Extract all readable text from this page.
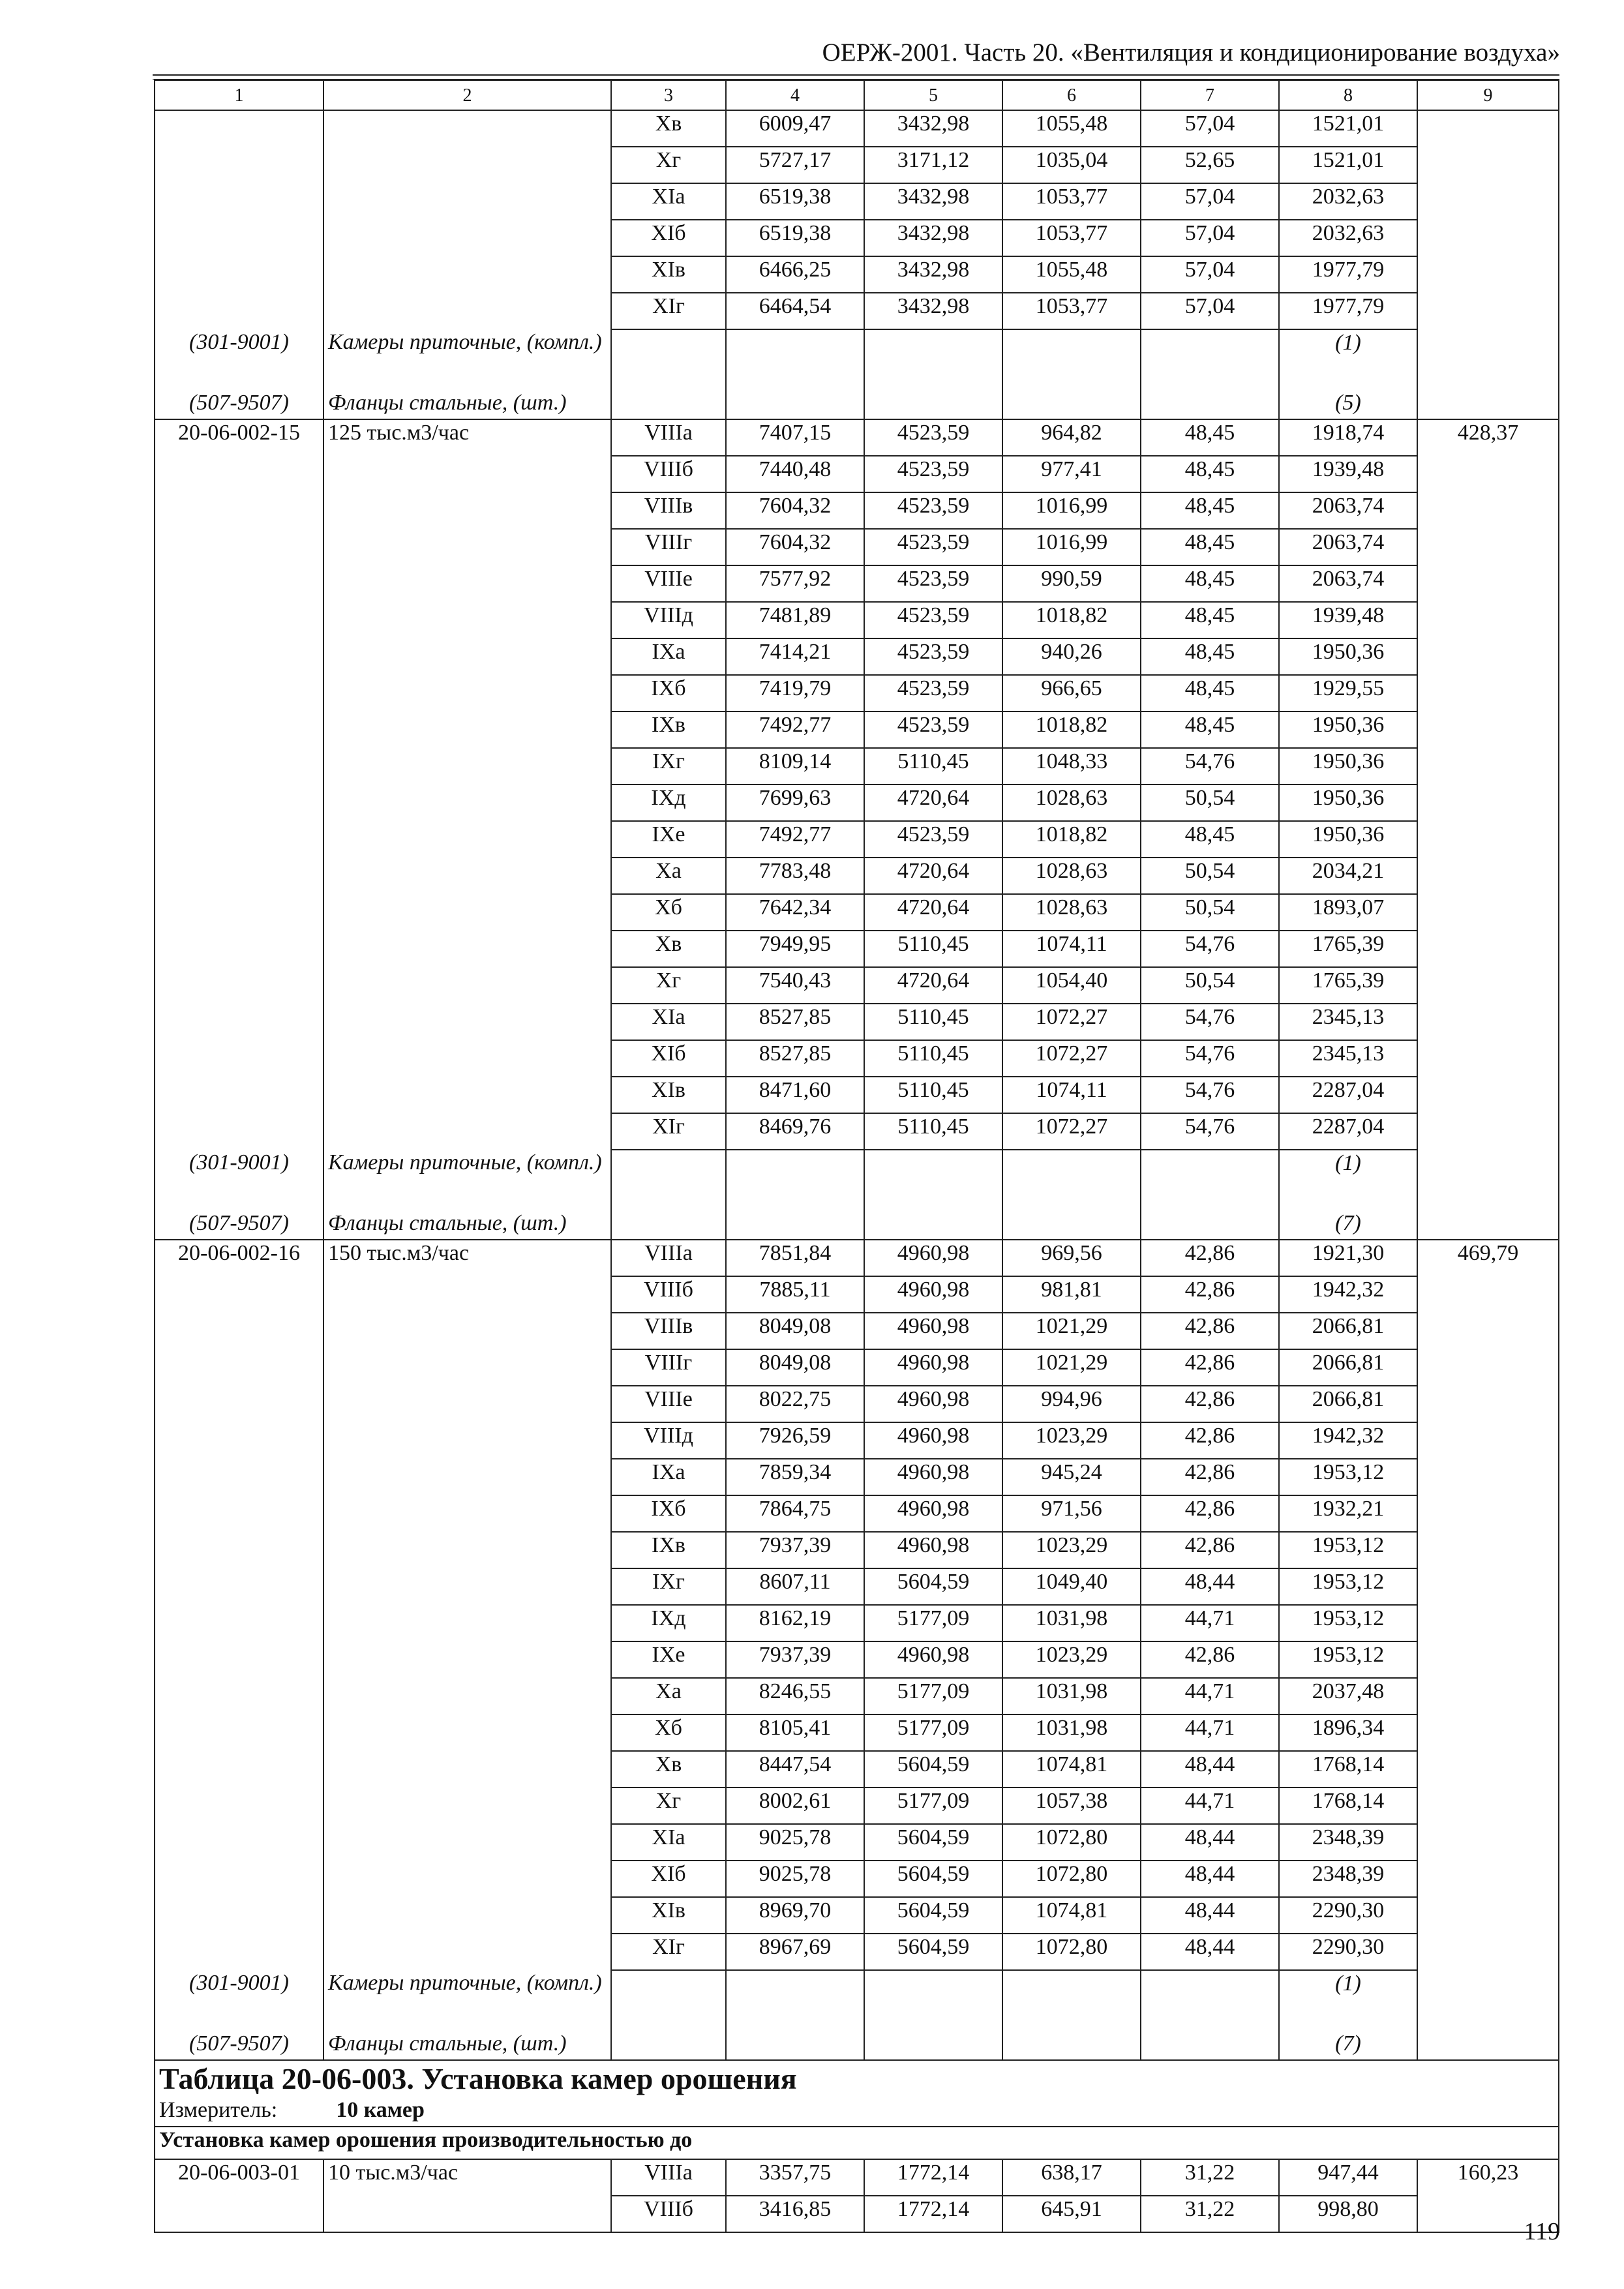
ОЕРЖ-2001. Часть 20. «Вентиляция и кондиционирование воздуха»
1	2	3	4	5	6	7	8	9
		Xв	6009,47	3432,98	1055,48	57,04	1521,01	
		Xг	5727,17	3171,12	1035,04	52,65	1521,01	
		XIa	6519,38	3432,98	1053,77	57,04	2032,63	
		XIб	6519,38	3432,98	1053,77	57,04	2032,63	
		XIв	6466,25	3432,98	1055,48	57,04	1977,79	
		XIг	6464,54	3432,98	1053,77	57,04	1977,79	
(301-9001)	Камеры приточные, (компл.)						(1)	
(507-9507)	Фланцы стальные, (шт.)						(5)	
20-06-002-15	125 тыс.м3/час	VIIIa	7407,15	4523,59	964,82	48,45	1918,74	428,37
		VIIIб	7440,48	4523,59	977,41	48,45	1939,48	
		VIIIв	7604,32	4523,59	1016,99	48,45	2063,74	
		VIIIг	7604,32	4523,59	1016,99	48,45	2063,74	
		VIIIe	7577,92	4523,59	990,59	48,45	2063,74	
		VIIIд	7481,89	4523,59	1018,82	48,45	1939,48	
		IXa	7414,21	4523,59	940,26	48,45	1950,36	
		IXб	7419,79	4523,59	966,65	48,45	1929,55	
		IXв	7492,77	4523,59	1018,82	48,45	1950,36	
		IXг	8109,14	5110,45	1048,33	54,76	1950,36	
		IXд	7699,63	4720,64	1028,63	50,54	1950,36	
		IXe	7492,77	4523,59	1018,82	48,45	1950,36	
		Xa	7783,48	4720,64	1028,63	50,54	2034,21	
		Xб	7642,34	4720,64	1028,63	50,54	1893,07	
		Xв	7949,95	5110,45	1074,11	54,76	1765,39	
		Xг	7540,43	4720,64	1054,40	50,54	1765,39	
		XIa	8527,85	5110,45	1072,27	54,76	2345,13	
		XIб	8527,85	5110,45	1072,27	54,76	2345,13	
		XIв	8471,60	5110,45	1074,11	54,76	2287,04	
		XIг	8469,76	5110,45	1072,27	54,76	2287,04	
(301-9001)	Камеры приточные, (компл.)						(1)	
(507-9507)	Фланцы стальные, (шт.)						(7)	
20-06-002-16	150 тыс.м3/час	VIIIa	7851,84	4960,98	969,56	42,86	1921,30	469,79
		VIIIб	7885,11	4960,98	981,81	42,86	1942,32	
		VIIIв	8049,08	4960,98	1021,29	42,86	2066,81	
		VIIIг	8049,08	4960,98	1021,29	42,86	2066,81	
		VIIIe	8022,75	4960,98	994,96	42,86	2066,81	
		VIIIд	7926,59	4960,98	1023,29	42,86	1942,32	
		IXa	7859,34	4960,98	945,24	42,86	1953,12	
		IXб	7864,75	4960,98	971,56	42,86	1932,21	
		IXв	7937,39	4960,98	1023,29	42,86	1953,12	
		IXг	8607,11	5604,59	1049,40	48,44	1953,12	
		IXд	8162,19	5177,09	1031,98	44,71	1953,12	
		IXe	7937,39	4960,98	1023,29	42,86	1953,12	
		Xa	8246,55	5177,09	1031,98	44,71	2037,48	
		Xб	8105,41	5177,09	1031,98	44,71	1896,34	
		Xв	8447,54	5604,59	1074,81	48,44	1768,14	
		Xг	8002,61	5177,09	1057,38	44,71	1768,14	
		XIa	9025,78	5604,59	1072,80	48,44	2348,39	
		XIб	9025,78	5604,59	1072,80	48,44	2348,39	
		XIв	8969,70	5604,59	1074,81	48,44	2290,30	
		XIг	8967,69	5604,59	1072,80	48,44	2290,30	
(301-9001)	Камеры приточные, (компл.)						(1)	
(507-9507)	Фланцы стальные, (шт.)						(7)	
Таблица 20-06-003. Установка камер орошения								
Измеритель: 10 камер								
Установка камер орошения производительностью до								
20-06-003-01	10 тыс.м3/час	VIIIa	3357,75	1772,14	638,17	31,22	947,44	160,23
		VIIIб	3416,85	1772,14	645,91	31,22	998,80	
119
